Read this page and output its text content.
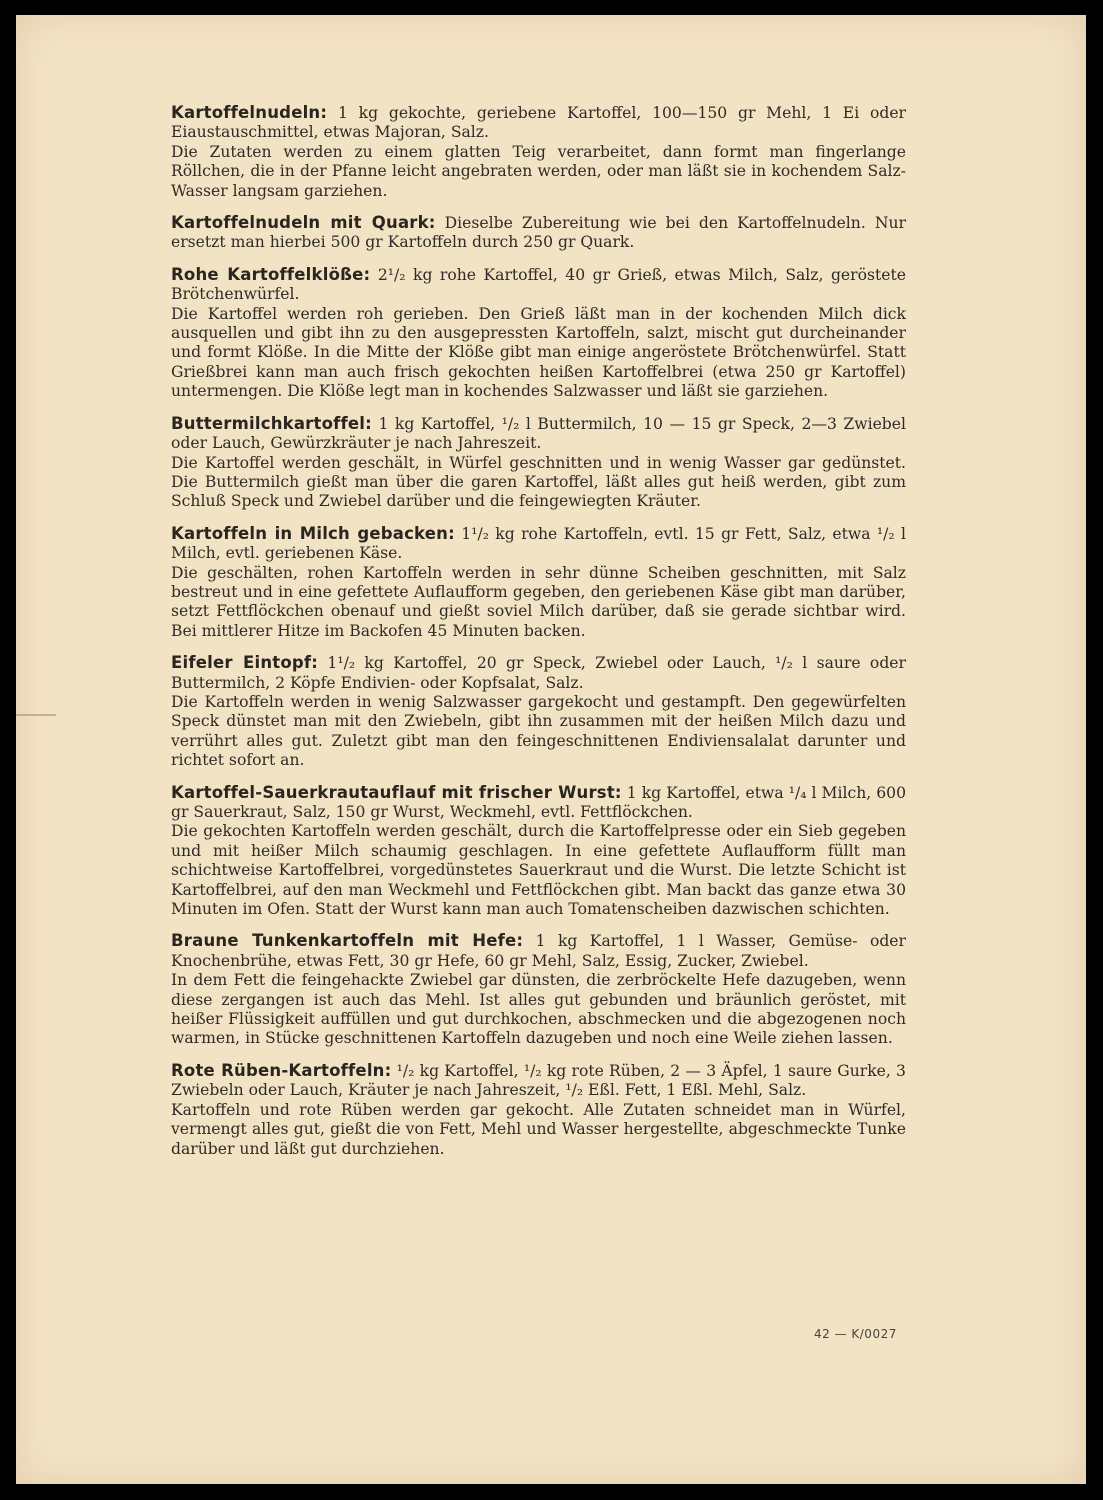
Kartoffelnudeln: 1 kg gekochte, geriebene Kartoffel, 100—150 gr Mehl, 1 Ei oder Eiaustauschmittel, etwas Majoran, Salz.

Die Zutaten werden zu einem glatten Teig verarbeitet, dann formt man fingerlange Röllchen, die in der Pfanne leicht angebraten werden, oder man läßt sie in kochendem Salz-Wasser langsam garziehen.

Kartoffelnudeln mit Quark: Dieselbe Zubereitung wie bei den Kartoffelnudeln. Nur ersetzt man hierbei 500 gr Kartoffeln durch 250 gr Quark.

Rohe Kartoffelklöße: 2¹/₂ kg rohe Kartoffel, 40 gr Grieß, etwas Milch, Salz, geröstete Brötchenwürfel.

Die Kartoffel werden roh gerieben. Den Grieß läßt man in der kochenden Milch dick ausquellen und gibt ihn zu den ausgepressten Kartoffeln, salzt, mischt gut durcheinander und formt Klöße. In die Mitte der Klöße gibt man einige angeröstete Brötchenwürfel. Statt Grießbrei kann man auch frisch gekochten heißen Kartoffelbrei (etwa 250 gr Kartoffel) untermengen. Die Klöße legt man in kochendes Salzwasser und läßt sie garziehen.

Buttermilchkartoffel: 1 kg Kartoffel, ¹/₂ l Buttermilch, 10 — 15 gr Speck, 2—3 Zwiebel oder Lauch, Gewürzkräuter je nach Jahreszeit.

Die Kartoffel werden geschält, in Würfel geschnitten und in wenig Wasser gar gedünstet. Die Buttermilch gießt man über die garen Kartoffel, läßt alles gut heiß werden, gibt zum Schluß Speck und Zwiebel darüber und die feingewiegten Kräuter.

Kartoffeln in Milch gebacken: 1¹/₂ kg rohe Kartoffeln, evtl. 15 gr Fett, Salz, etwa ¹/₂ l Milch, evtl. geriebenen Käse.

Die geschälten, rohen Kartoffeln werden in sehr dünne Scheiben geschnitten, mit Salz bestreut und in eine gefettete Auflaufform gegeben, den geriebenen Käse gibt man darüber, setzt Fettflöckchen obenauf und gießt soviel Milch darüber, daß sie gerade sichtbar wird. Bei mittlerer Hitze im Backofen 45 Minuten backen.

Eifeler Eintopf: 1¹/₂ kg Kartoffel, 20 gr Speck, Zwiebel oder Lauch, ¹/₂ l saure oder Buttermilch, 2 Köpfe Endivien- oder Kopfsalat, Salz.

Die Kartoffeln werden in wenig Salzwasser gargekocht und gestampft. Den gegewürfelten Speck dünstet man mit den Zwiebeln, gibt ihn zusammen mit der heißen Milch dazu und verrührt alles gut. Zuletzt gibt man den feingeschnittenen Endiviensalalat darunter und richtet sofort an.

Kartoffel-Sauerkrautauflauf mit frischer Wurst: 1 kg Kartoffel, etwa ¹/₄ l Milch, 600 gr Sauerkraut, Salz, 150 gr Wurst, Weckmehl, evtl. Fettflöckchen.

Die gekochten Kartoffeln werden geschält, durch die Kartoffelpresse oder ein Sieb gegeben und mit heißer Milch schaumig geschlagen. In eine gefettete Auflaufform füllt man schichtweise Kartoffelbrei, vorgedünstetes Sauerkraut und die Wurst. Die letzte Schicht ist Kartoffelbrei, auf den man Weckmehl und Fettflöckchen gibt. Man backt das ganze etwa 30 Minuten im Ofen. Statt der Wurst kann man auch Tomatenscheiben dazwischen schichten.

Braune Tunkenkartoffeln mit Hefe: 1 kg Kartoffel, 1 l Wasser, Gemüse- oder Knochenbrühe, etwas Fett, 30 gr Hefe, 60 gr Mehl, Salz, Essig, Zucker, Zwiebel.

In dem Fett die feingehackte Zwiebel gar dünsten, die zerbröckelte Hefe dazugeben, wenn diese zergangen ist auch das Mehl. Ist alles gut gebunden und bräunlich geröstet, mit heißer Flüssigkeit auffüllen und gut durchkochen, abschmecken und die abgezogenen noch warmen, in Stücke geschnittenen Kartoffeln dazugeben und noch eine Weile ziehen lassen.

Rote Rüben-Kartoffeln: ¹/₂ kg Kartoffel, ¹/₂ kg rote Rüben, 2 — 3 Äpfel, 1 saure Gurke, 3 Zwiebeln oder Lauch, Kräuter je nach Jahreszeit, ¹/₂ Eßl. Fett, 1 Eßl. Mehl, Salz.

Kartoffeln und rote Rüben werden gar gekocht. Alle Zutaten schneidet man in Würfel, vermengt alles gut, gießt die von Fett, Mehl und Wasser hergestellte, abgeschmeckte Tunke darüber und läßt gut durchziehen.

42 — K/0027
